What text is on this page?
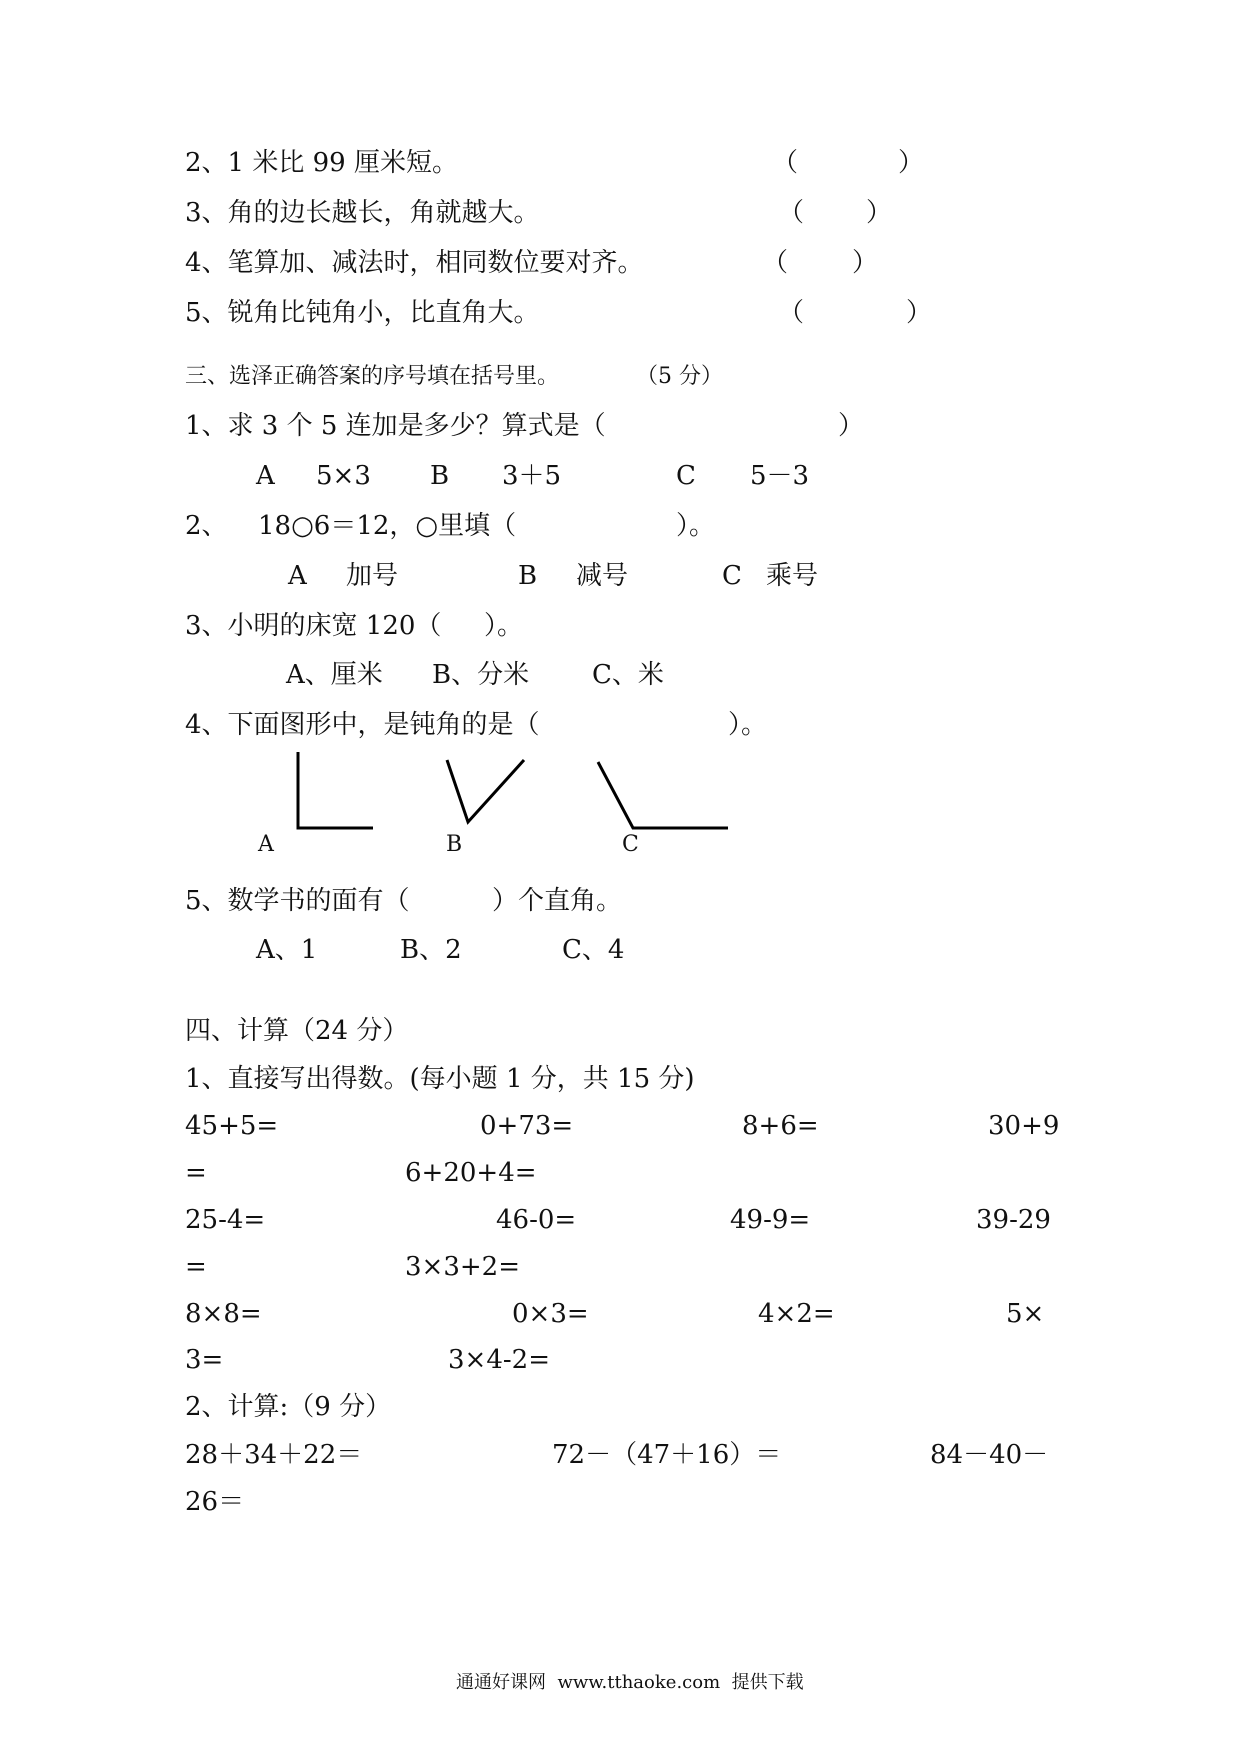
2、1 米比 99 厘米短。	（	）
3、角的边长越长，角就越大。	（ ）
4、笔算加、减法时，相同数位要对齐。	（ ）
5、锐角比钝角小，比直角大。	（	）
三、选泽正确答案的序号填在括号里。	（5 分）
1、求 3 个 5 连加是多少？算式是（	）
A 5×3 B 3＋5	C 5－3
2、 18○6＝12，○里填（	）。
A 加号	B 减号	C 乘号
3、小明的床宽 120（ ）。
A、厘米 B、分米 C、米
4、下面图形中，是钝角的是（	）。
A	B	C
5、数学书的面有（	）个直角。
A、1	B、2	C、4
四、计算（24 分）
1、直接写出得数。(每小题 1 分，共 15 分)
45+5=	0+73=	8+6=	30+9
=	6+20+4=
25-4=	46-0=	49-9=	39-29
=	3×3+2=
8×8=	0×3=	4×2=	5×
3=	3×4-2=
2、计算:（9 分）
28＋34＋22＝	72－（47＋16）＝	84－40－
26＝
通通好课网  www.tthaoke.com  提供下载
